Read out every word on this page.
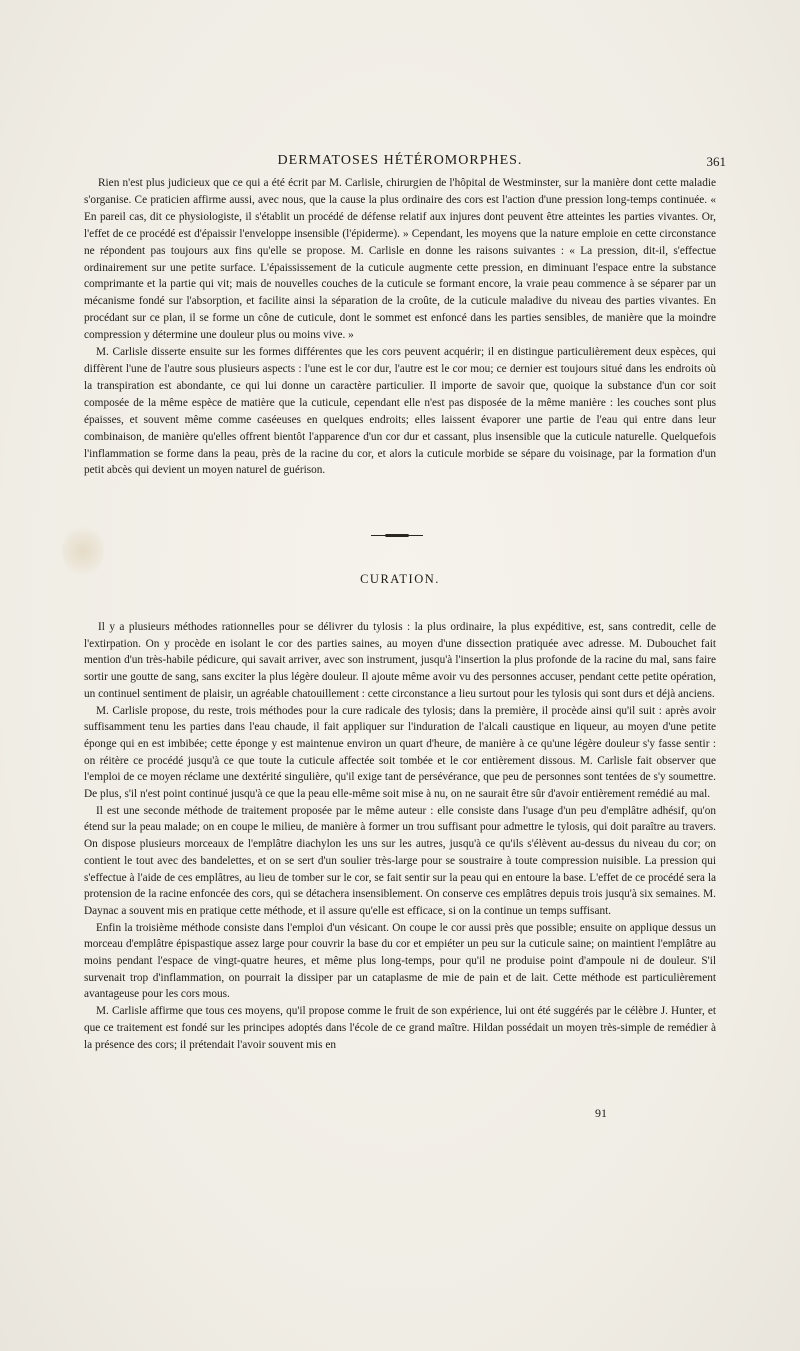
DERMATOSES HÉTÉROMORPHES.	361

Rien n'est plus judicieux que ce qui a été écrit par M. Carlisle, chirurgien de l'hôpital de Westminster, sur la manière dont cette maladie s'organise. Ce praticien affirme aussi, avec nous, que la cause la plus ordinaire des cors est l'action d'une pression long-temps continuée. « En pareil cas, dit ce physiologiste, il s'établit un procédé de défense relatif aux injures dont peuvent être atteintes les parties vivantes. Or, l'effet de ce procédé est d'épaissir l'enveloppe insensible (l'épiderme). » Cependant, les moyens que la nature emploie en cette circonstance ne répondent pas toujours aux fins qu'elle se propose. M. Carlisle en donne les raisons suivantes : « La pression, dit-il, s'effectue ordinairement sur une petite surface. L'épaississement de la cuticule augmente cette pression, en diminuant l'espace entre la substance comprimante et la partie qui vit; mais de nouvelles couches de la cuticule se formant encore, la vraie peau commence à se séparer par un mécanisme fondé sur l'absorption, et facilite ainsi la séparation de la croûte, de la cuticule maladive du niveau des parties vivantes. En procédant sur ce plan, il se forme un cône de cuticule, dont le sommet est enfoncé dans les parties sensibles, de manière que la moindre compression y détermine une douleur plus ou moins vive. »

M. Carlisle disserte ensuite sur les formes différentes que les cors peuvent acquérir; il en distingue particulièrement deux espèces, qui diffèrent l'une de l'autre sous plusieurs aspects : l'une est le cor dur, l'autre est le cor mou; ce dernier est toujours situé dans les endroits où la transpiration est abondante, ce qui lui donne un caractère particulier. Il importe de savoir que, quoique la substance d'un cor soit composée de la même espèce de matière que la cuticule, cependant elle n'est pas disposée de la même manière : les couches sont plus épaisses, et souvent même comme caséeuses en quelques endroits; elles laissent évaporer une partie de l'eau qui entre dans leur combinaison, de manière qu'elles offrent bientôt l'apparence d'un cor dur et cassant, plus insensible que la cuticule naturelle. Quelquefois l'inflammation se forme dans la peau, près de la racine du cor, et alors la cuticule morbide se sépare du voisinage, par la formation d'un petit abcès qui devient un moyen naturel de guérison.

CURATION.

Il y a plusieurs méthodes rationnelles pour se délivrer du tylosis : la plus ordinaire, la plus expéditive, est, sans contredit, celle de l'extirpation. On y procède en isolant le cor des parties saines, au moyen d'une dissection pratiquée avec adresse. M. Dubouchet fait mention d'un très-habile pédicure, qui savait arriver, avec son instrument, jusqu'à l'insertion la plus profonde de la racine du mal, sans faire sortir une goutte de sang, sans exciter la plus légère douleur. Il ajoute même avoir vu des personnes accuser, pendant cette petite opération, un continuel sentiment de plaisir, un agréable chatouillement : cette circonstance a lieu surtout pour les tylosis qui sont durs et déjà anciens.

M. Carlisle propose, du reste, trois méthodes pour la cure radicale des tylosis; dans la première, il procède ainsi qu'il suit : après avoir suffisamment tenu les parties dans l'eau chaude, il fait appliquer sur l'induration de l'alcali caustique en liqueur, au moyen d'une petite éponge qui en est imbibée; cette éponge y est maintenue environ un quart d'heure, de manière à ce qu'une légère douleur s'y fasse sentir : on réitère ce procédé jusqu'à ce que toute la cuticule affectée soit tombée et le cor entièrement dissous. M. Carlisle fait observer que l'emploi de ce moyen réclame une dextérité singulière, qu'il exige tant de persévérance, que peu de personnes sont tentées de s'y soumettre. De plus, s'il n'est point continué jusqu'à ce que la peau elle-même soit mise à nu, on ne saurait être sûr d'avoir entièrement remédié au mal.

Il est une seconde méthode de traitement proposée par le même auteur : elle consiste dans l'usage d'un peu d'emplâtre adhésif, qu'on étend sur la peau malade; on en coupe le milieu, de manière à former un trou suffisant pour admettre le tylosis, qui doit paraître au travers. On dispose plusieurs morceaux de l'emplâtre diachylon les uns sur les autres, jusqu'à ce qu'ils s'élèvent au-dessus du niveau du cor; on contient le tout avec des bandelettes, et on se sert d'un soulier très-large pour se soustraire à toute compression nuisible. La pression qui s'effectue à l'aide de ces emplâtres, au lieu de tomber sur le cor, se fait sentir sur la peau qui en entoure la base. L'effet de ce procédé sera la protension de la racine enfoncée des cors, qui se détachera insensiblement. On conserve ces emplâtres depuis trois jusqu'à six semaines. M. Daynac a souvent mis en pratique cette méthode, et il assure qu'elle est efficace, si on la continue un temps suffisant.

Enfin la troisième méthode consiste dans l'emploi d'un vésicant. On coupe le cor aussi près que possible; ensuite on applique dessus un morceau d'emplâtre épispastique assez large pour couvrir la base du cor et empiéter un peu sur la cuticule saine; on maintient l'emplâtre au moins pendant l'espace de vingt-quatre heures, et même plus long-temps, pour qu'il ne produise point d'ampoule ni de douleur. S'il survenait trop d'inflammation, on pourrait la dissiper par un cataplasme de mie de pain et de lait. Cette méthode est particulièrement avantageuse pour les cors mous.

M. Carlisle affirme que tous ces moyens, qu'il propose comme le fruit de son expérience, lui ont été suggérés par le célèbre J. Hunter, et que ce traitement est fondé sur les principes adoptés dans l'école de ce grand maître. Hildan possédait un moyen très-simple de remédier à la présence des cors; il prétendait l'avoir souvent mis en

91
